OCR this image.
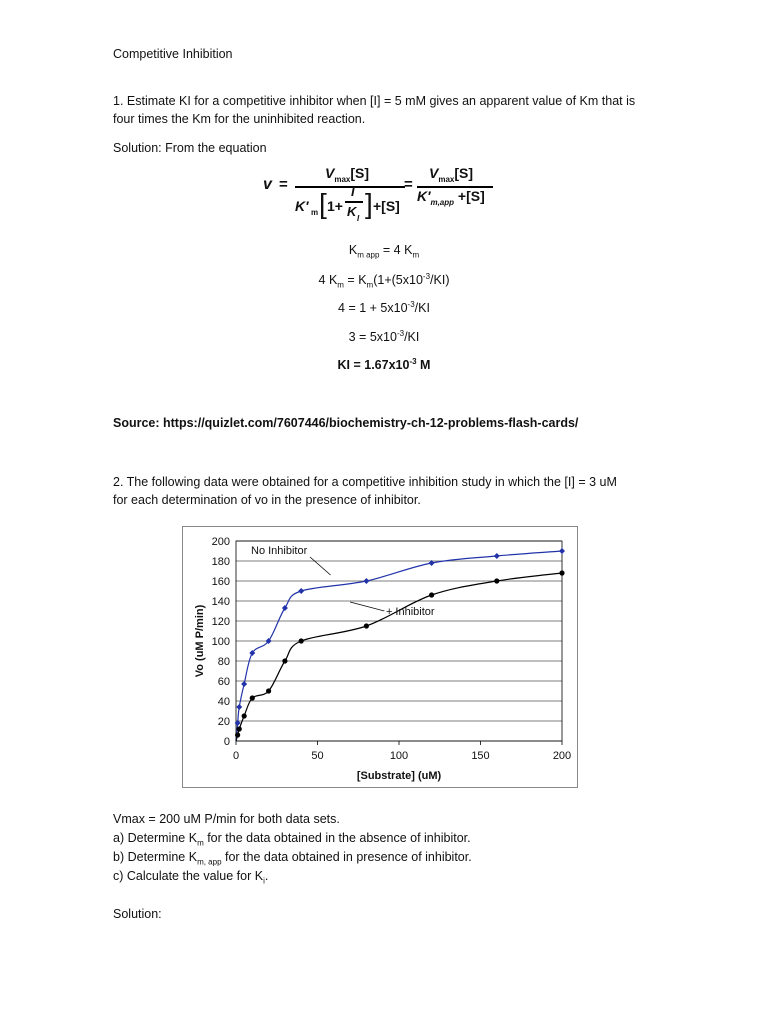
Competitive Inhibition
1. Estimate KI for a competitive inhibitor when [I] = 5 mM gives an apparent value of Km that is
four times the Km for the uninhibited reaction.
Solution: From the equation
v =
$V_{max}[S]$
K′ m [ 1+
I
K I ] +[S]
=
$V_{max}[S]$
$K'_{m,app} +[S]$
$K_{m app} = 4$ $K_m$
4 $K_m = K_m(1+(5x10^{-3}/KI)$
$4 = 1 + 5x10^{-3}/KI$
$3 = 5x10^{-3}/KI$
KI = $1.67x10^{-3}$ M
Source: https://quizlet.com/7607446/biochemistry-ch-12-problems-flash-cards/
2. The following data were obtained for a competitive inhibition study in which the [I] = 3 uM
for each determination of vo in the presence of inhibitor.
0
20
40
60
80
100
120
140
160
180
200
0	50	100	150	200
[Substrate] (uM)
Vo (uM P/min)
No Inhibitor
+ Inhibitor
Vmax = 200 uM P/min for both data sets.
a) Determine $K_m$ for the data obtained in the absence of inhibitor.
b) Determine $K_{m, app}$ for the data obtained in presence of inhibitor.
c) Calculate the value for $K_i$.
Solution:
